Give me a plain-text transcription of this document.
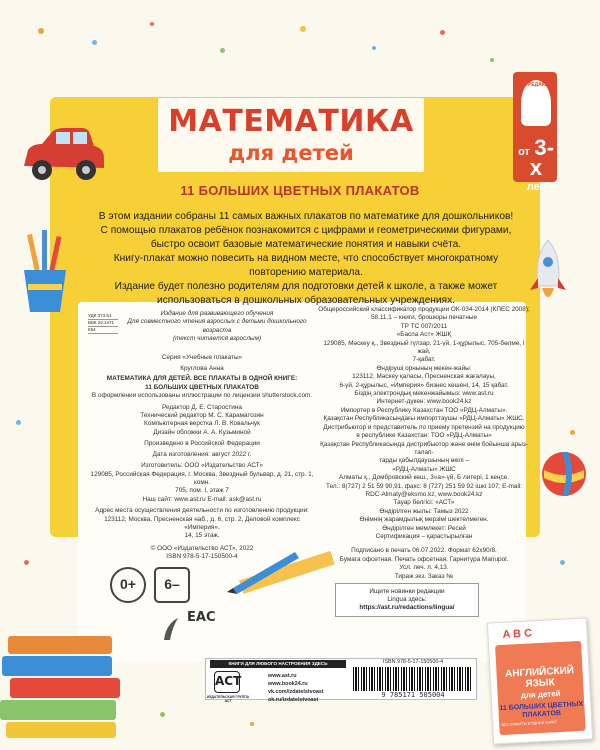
МАТЕМАТИКА
для детей
11 БОЛЬШИХ ЦВЕТНЫХ ПЛАКАТОВ
АСТ-РЕДАКЦИЯ
от 3-х
лет
В этом издании собраны 11 самых важных плакатов по математике для дошкольников!
С помощью плакатов ребёнок познакомится с цифрами и геометрическими фигурами,
быстро освоит базовые математические понятия и навыки счёта.
Книгу-плакат можно повесить на видном месте, что способствует многократному
повторению материала.
Издание будет полезно родителям для подготовки детей к школе, а также может
использоваться в дошкольных образовательных учреждениях.
УДК 373.51
ББК 22.1я71
К64
Издание для развивающего обучения
Для совместного чтения взрослых с детьми дошкольного возраста
(текст читается взрослым)
Серия «Учебные плакаты»
Круглова Анна
МАТЕМАТИКА ДЛЯ ДЕТЕЙ. ВСЕ ПЛАКАТЫ В ОДНОЙ КНИГЕ:
11 БОЛЬШИХ ЦВЕТНЫХ ПЛАКАТОВ
В оформлении использованы иллюстрации по лицензии shutterstock.com.
Редактор Д. Е. Старостина
Технический редактор М. С. Караматозян
Компьютерная верстка Л. В. Ковальчук
Дизайн обложки А. А. Кузьминой
Произведено в Российской Федерации
Дата изготовления: август 2022 г.
Изготовитель: ООО «Издательство АСТ»
129085, Российская Федерация, г. Москва, Звездный бульвар, д. 21, стр. 1, комн.
705, пом. I, этаж 7
Наш сайт: www.ast.ru E-mail: ask@ast.ru
Адрес места осуществления деятельности по изготовлению продукции:
123112, Москва, Пресненская наб., д. 6, стр. 2, Деловой комплекс «Империя»,
14, 15 этаж.
© ООО «Издательство АСТ», 2022
ISBN 978-5-17-150500-4
Общероссийский классификатор продукции ОК-034-2014 (КПЕС 2008);
58.11.1 – книги, брошюры печатные
ТР ТС 007/2011
«Баспа Аст» ЖШҚ
129085, Мәскеу қ., Звездный гүлзар, 21-үй, 1-құрылыс, 705-бөлме, I жай,
7-қабат.
Өндіруші орнының мекен-жайы:
123112, Мәскеу қаласы, Пресненская жағалауы,
6-үй, 2-құрылыс, «Империя» бизнес кешені, 14, 15 қабат.
Біздің электрондық мекенжайымыз: www.ast.ru
Интернет-дүкен: www.book24.kz
Импортер в Республику Казахстан ТОО «РДЦ-Алматы».
Қазақстан Республикасындағы импорттаушы «РДЦ-Алматы» ЖШС.
Дистрибьютор и представитель по приему претензий на продукцию
в республике Казахстан: ТОО «РДЦ-Алматы»
Қазақстан Республикасында дистрибьютор және өнім бойынша арыз-талап-
тарды қабылдаушының өкілі –
«РДЦ-Алматы» ЖШС
Алматы қ., Домбровский көш., 3«а»-үй, Б литері, 1 кеңсе.
Тел.: 8(727) 2 51 59 90,91, факс: 8 (727) 251 59 92 ішкі 107; E-mail:
RDC-Almaty@eksmo.kz, www.book24.kz
Тауар белгісі: «АСТ»
Өндірілген жылы: Тамыз 2022
Өнімнің жарамдылық мерзімі шектелмеген.
Өндірілген мемлекет: Ресей
Сертификация – қарастырылған
Подписано в печать 06.07.2022. Формат 62x90/8.
Бумага офсетная. Печать офсетная. Гарнитура Mariupol.
Усл. печ. л. 4,13.
Тираж экз. Заказ №
0+	6–
EAC
Ищите новинки редакции
Lingua здесь:
https://ast.ru/redactions/lingua/
КНИГИ ДЛЯ ЛЮБОГО НАСТРОЕНИЯ ЗДЕСЬ
АСТ
ИЗДАТЕЛЬСКАЯ ГРУППА АСТ
www.ast.ru
www.book24.ru
vk.com/izdatelstvoast
ok.ru/izdatelstvoast
ISBN 978-5-17-150500-4
9 785171 505004
A B C
АНГЛИЙСКИЙ
ЯЗЫК
для детей
11 БОЛЬШИХ ЦВЕТНЫХ ПЛАКАТОВ
ВСЕ ПЛАКАТЫ В ОДНОЙ КНИГЕ
